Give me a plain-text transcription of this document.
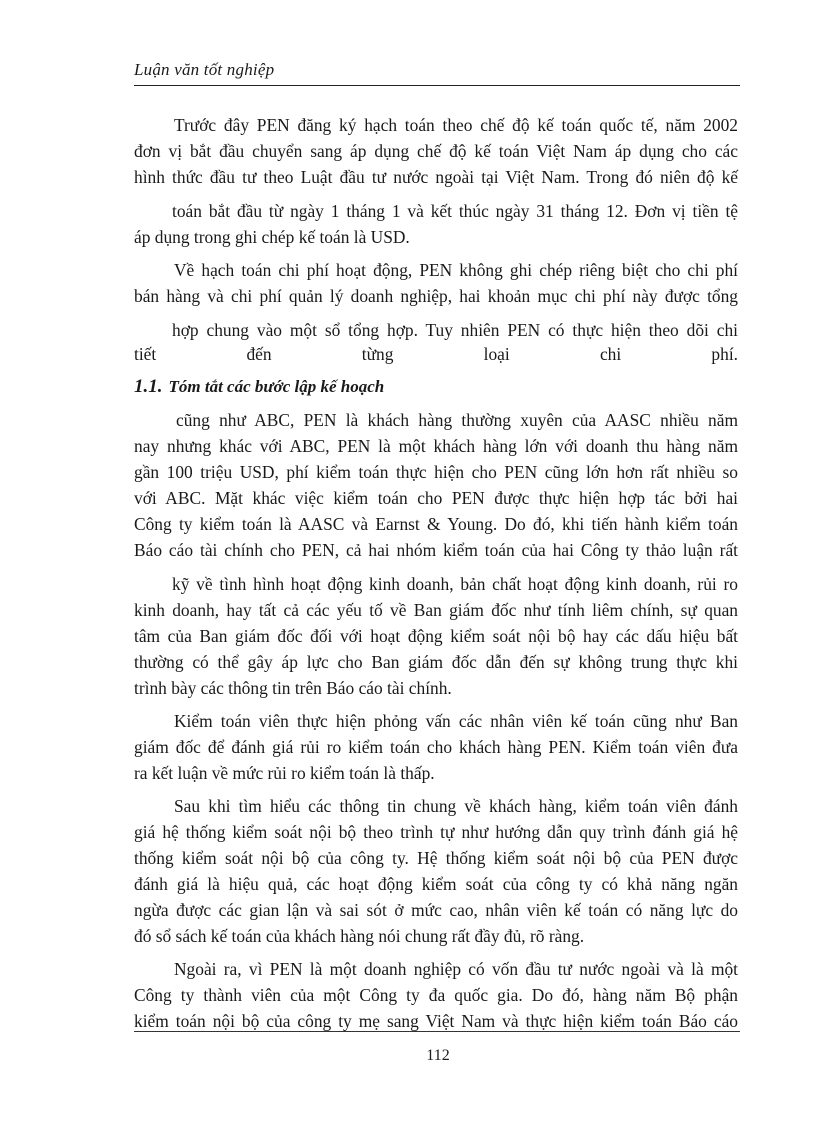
Luận văn tốt nghiệp
Trước đây PEN đăng ký hạch toán theo chế độ kế toán quốc tế, năm 2002
đơn vị bắt đầu chuyển sang áp dụng chế độ kế toán Việt Nam áp dụng cho các
hình thức đầu tư theo Luật đầu tư nước ngoài tại Việt Nam. Trong đó niên độ kế
toán bắt đầu từ ngày 1 tháng 1 và kết thúc ngày 31 tháng 12. Đơn vị tiền tệ
áp dụng trong ghi chép kế toán là USD.
Về hạch toán chi phí hoạt động, PEN không ghi chép riêng biệt cho chi phí
bán hàng và chi phí quản lý doanh nghiệp, hai khoản mục chi phí này được tổng
hợp chung vào một sổ tổng hợp. Tuy nhiên PEN có thực hiện theo dõi chi
tiết đến từng loại chi phí.
1.1. Tóm tắt các bước lập kế hoạch
cũng như ABC, PEN là khách hàng thường xuyên của AASC nhiều năm
nay nhưng khác với ABC, PEN là một khách hàng lớn với doanh thu hàng năm
gần 100 triệu USD, phí kiểm toán thực hiện cho PEN cũng lớn hơn rất nhiều so
với ABC. Mặt khác việc kiểm toán cho PEN được thực hiện hợp tác bởi hai
Công ty kiểm toán là AASC và Earnst & Young. Do đó, khi tiến hành kiểm toán
Báo cáo tài chính cho PEN, cả hai nhóm kiểm toán của hai Công ty thảo luận rất
kỹ về tình hình hoạt động kinh doanh, bản chất hoạt động kinh doanh, rủi ro
kinh doanh, hay tất cả các yếu tố về Ban giám đốc như tính liêm chính, sự quan
tâm của Ban giám đốc đối với hoạt động kiểm soát nội bộ hay các dấu hiệu bất
thường có thể gây áp lực cho Ban giám đốc dẫn đến sự không trung thực khi
trình bày các thông tin trên Báo cáo tài chính.
Kiểm toán viên thực hiện phỏng vấn các nhân viên kế toán cũng như Ban
giám đốc để đánh giá rủi ro kiểm toán cho khách hàng PEN. Kiểm toán viên đưa
ra kết luận về mức rủi ro kiểm toán là thấp.
Sau khi tìm hiểu các thông tin chung về khách hàng, kiểm toán viên đánh
giá hệ thống kiểm soát nội bộ theo trình tự như hướng dẫn quy trình đánh giá hệ
thống kiểm soát nội bộ của công ty. Hệ thống kiểm soát nội bộ của PEN được
đánh giá là hiệu quả, các hoạt động kiểm soát của công ty có khả năng ngăn
ngừa được các gian lận và sai sót ở mức cao, nhân viên kế toán có năng lực do
đó sổ sách kế toán của khách hàng nói chung rất đầy đủ, rõ ràng.
Ngoài ra, vì PEN là một doanh nghiệp có vốn đầu tư nước ngoài và là một
Công ty thành viên của một Công ty đa quốc gia. Do đó, hàng năm Bộ phận
kiểm toán nội bộ của công ty mẹ sang Việt Nam và thực hiện kiểm toán Báo cáo
112
